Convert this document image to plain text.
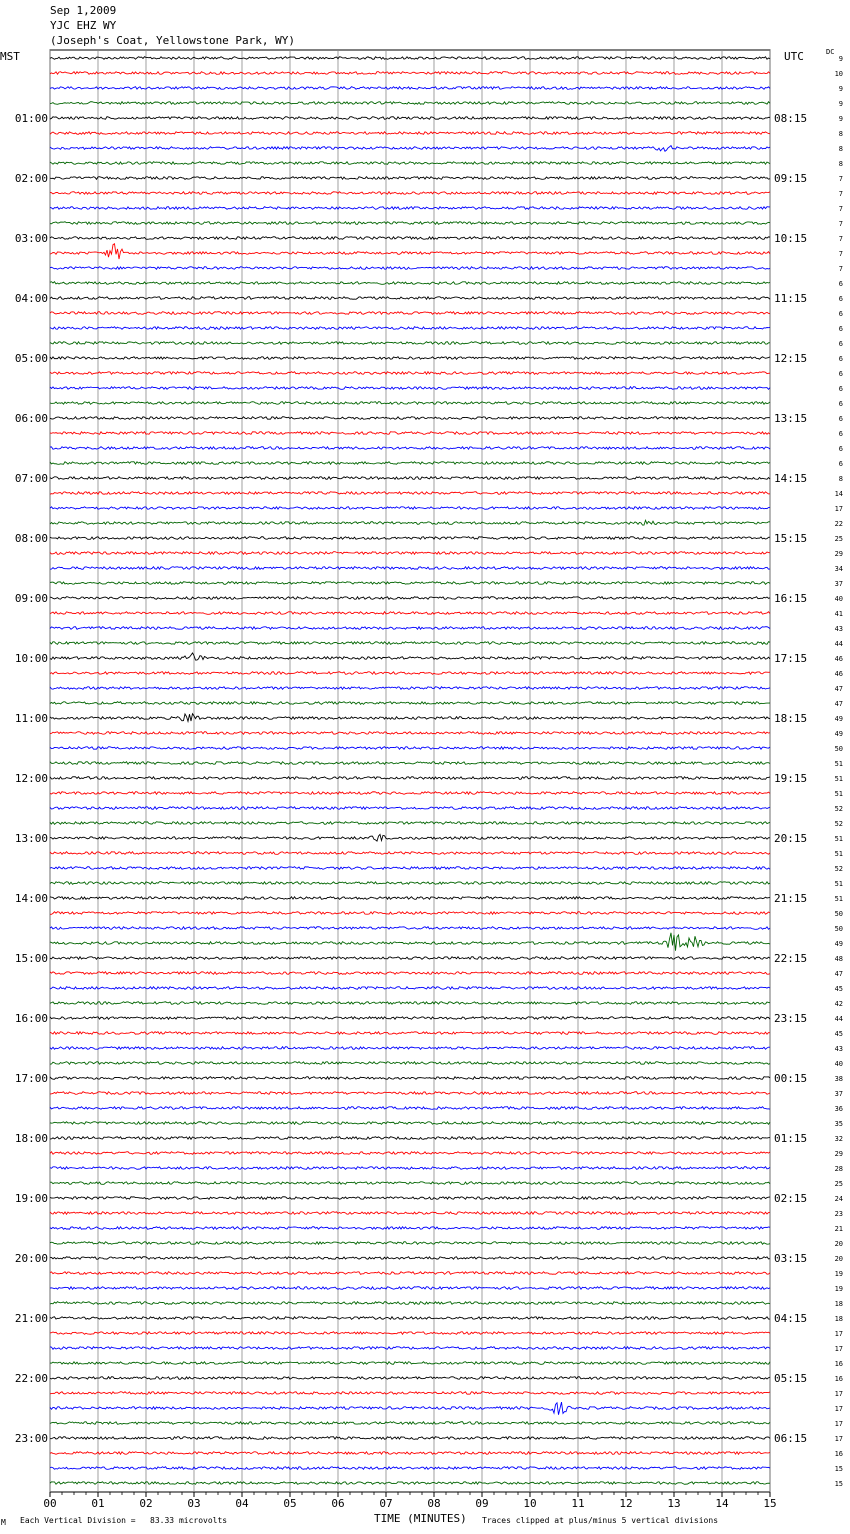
Sep 1,2009
YJC EHZ WY
(Joseph's Coat, Yellowstone Park, WY)
MST	UTC	DC
00	01	02	03	04	05	06	07	08	09	10	11	12	13	14	15
9
10
9
9
9
8
8
8
7
7
7
7
7
7
7
6
6
6
6
6
6
6
6
6
6
6
6
6
8
14
17
22
25
29
34
37
40
41
43
44
46
46
47
47
49
49
50
51
51
51
52
52
51
51
52
51
51
50
50
49
48
47
45
42
44
45
43
40
38
37
36
35
32
29
28
25
24
23
21
20
20
19
19
18
18
17
17
16
16
17
17
17
17
16
15
15
01:00
02:00
03:00
04:00
05:00
06:00
07:00
08:00
09:00
10:00
11:00
12:00
13:00
14:00
15:00
16:00
17:00
18:00
19:00
20:00
21:00
22:00
23:00
08:15
09:15
10:15
11:15
12:15
13:15
14:15
15:15
16:15
17:15
18:15
19:15
20:15
21:15
22:15
23:15
00:15
01:15
02:15
03:15
04:15
05:15
06:15
M Each Vertical Division =   83.33 microvolts	TIME (MINUTES) Traces clipped at plus/minus 5 vertical divisions
